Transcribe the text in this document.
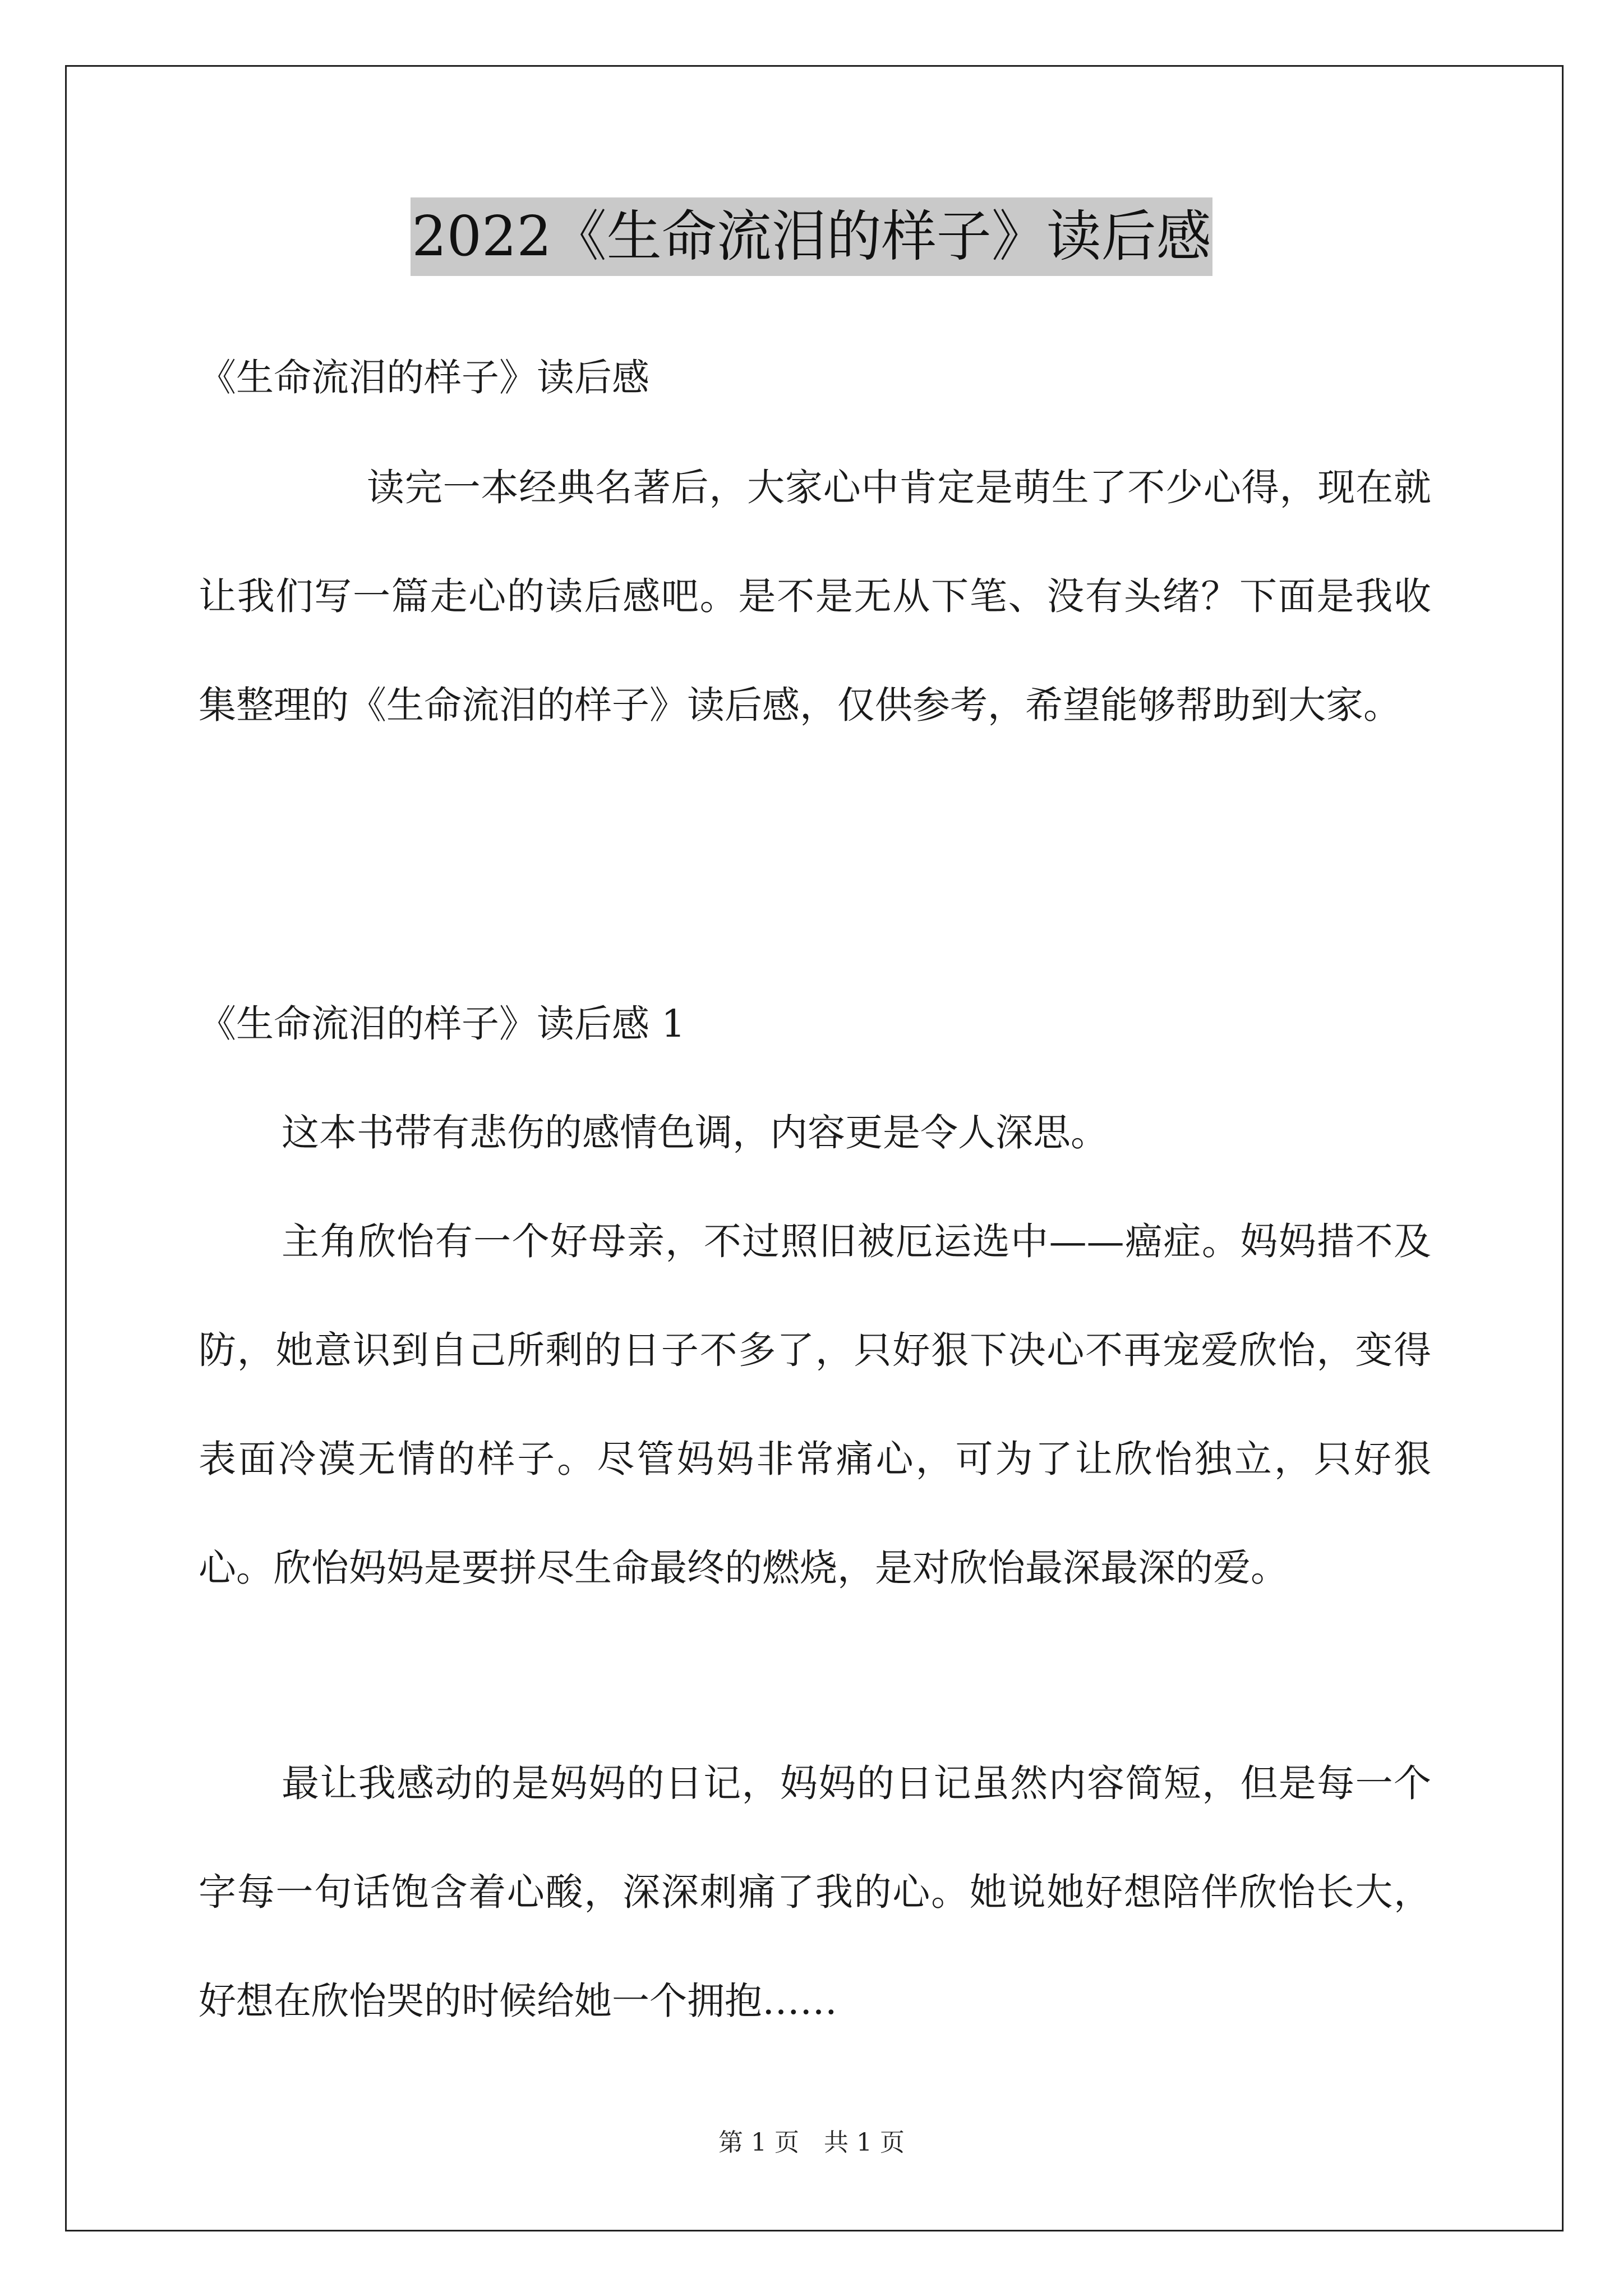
2022《生命流泪的样子》读后感
《生命流泪的样子》读后感
读完一本经典名著后，大家心中肯定是萌生了不少心得，现在就让我们写一篇走心的读后感吧。是不是无从下笔、没有头绪？下面是我收集整理的《生命流泪的样子》读后感，仅供参考，希望能够帮助到大家。
《生命流泪的样子》读后感 1
这本书带有悲伤的感情色调，内容更是令人深思。
主角欣怡有一个好母亲，不过照旧被厄运选中——癌症。妈妈措不及防，她意识到自己所剩的日子不多了，只好狠下决心不再宠爱欣怡，变得表面冷漠无情的样子。尽管妈妈非常痛心，可为了让欣怡独立，只好狠心。欣怡妈妈是要拼尽生命最终的燃烧，是对欣怡最深最深的爱。
最让我感动的是妈妈的日记，妈妈的日记虽然内容简短，但是每一个字每一句话饱含着心酸，深深刺痛了我的心。她说她好想陪伴欣怡长大，好想在欣怡哭的时候给她一个拥抱……
第 1 页　共 1 页
